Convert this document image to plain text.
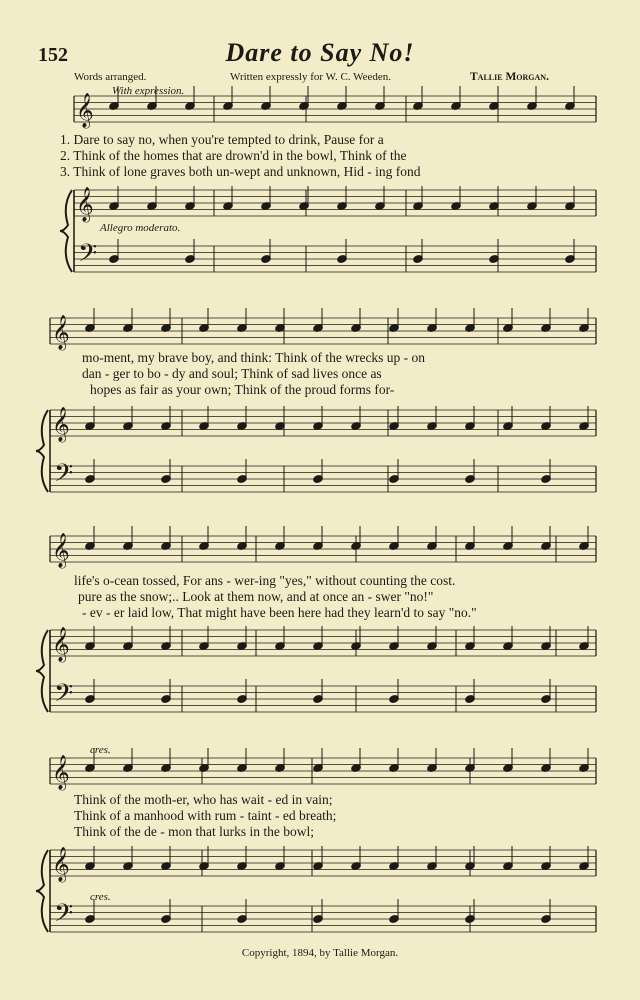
152	Dare to Say No!
Words arranged.	Written expressly for W. C. Weeden.	Tallie Morgan.
With expression.
Allegro moderato.
cres.
cres.
1. Dare to say no, when you're tempted to drink, Pause for a
2. Think of the homes that are drown'd in the bowl, Think of the
3. Think of lone graves both un-wept and unknown, Hid - ing fond
mo-ment, my brave boy, and think: Think of the wrecks up - on
dan - ger to bo - dy and soul; Think of sad lives once as
hopes as fair as your own; Think of the proud forms for-
life's o-cean tossed, For ans - wer-ing "yes," without counting the cost.
pure as the snow;.. Look at them now, and at once an - swer "no!"
- ev - er laid low, That might have been here had they learn'd to say "no."
Think of the moth-er, who has wait - ed in vain;
Think of a manhood with rum - taint - ed breath;
Think of the de - mon that lurks in the bowl;
Copyright, 1894, by Tallie Morgan.
𝄞
𝄞
𝄢
𝄞
𝄞
𝄢
𝄞
𝄞
𝄢
𝄞
𝄞
𝄢
